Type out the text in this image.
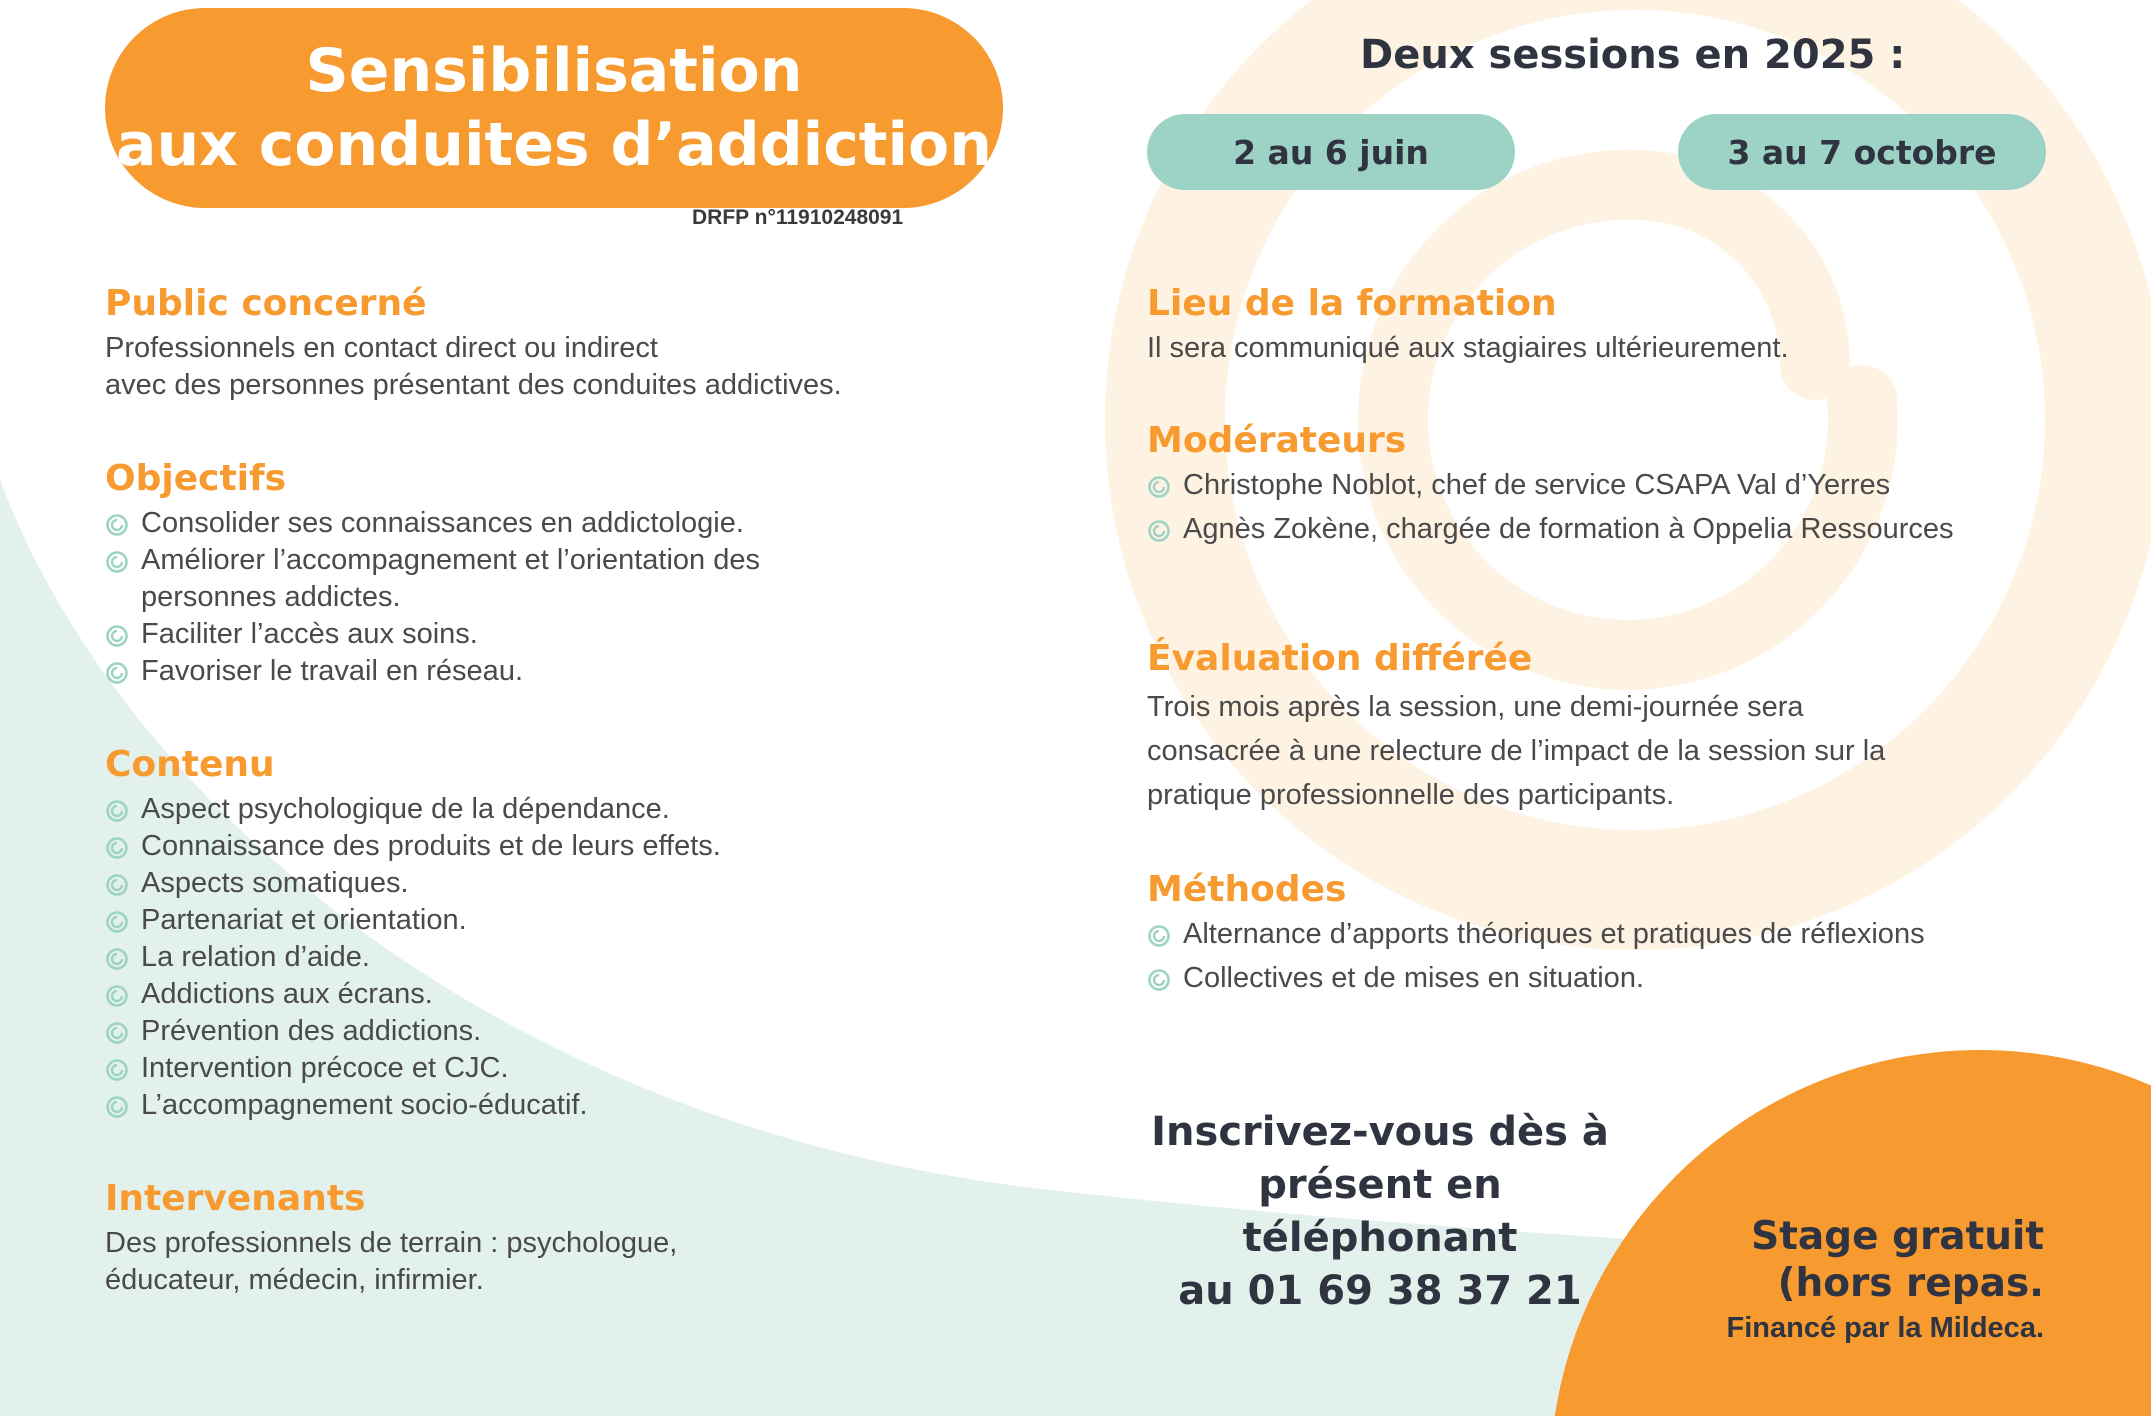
Sensibilisation
aux conduites d’addiction
DRFP n°11910248091
Deux sessions en 2025 :
2 au 6 juin	3 au 7 octobre
Public concerné
Professionnels en contact direct ou indirect
avec des personnes présentant des conduites addictives.
Objectifs
Consolider ses connaissances en addictologie.
Améliorer l’accompagnement et l’orientation des personnes addictes.
Faciliter l’accès aux soins.
Favoriser le travail en réseau.
Contenu
Aspect psychologique de la dépendance.
Connaissance des produits et de leurs effets.
Aspects somatiques.
Partenariat et orientation.
La relation d’aide.
Addictions aux écrans.
Prévention des addictions.
Intervention précoce et CJC.
L’accompagnement socio-éducatif.
Intervenants
Des professionnels de terrain : psychologue,
éducateur, médecin, infirmier.
Lieu de la formation
Il sera communiqué aux stagiaires ultérieurement.
Modérateurs
Christophe Noblot, chef de service CSAPA Val d’Yerres
Agnès Zokène, chargée de formation à Oppelia Ressources
Évaluation différée
Trois mois après la session, une demi-journée sera
consacrée à une relecture de l’impact de la session sur la
pratique professionnelle des participants.
Méthodes
Alternance d’apports théoriques et pratiques de réflexions
Collectives et de mises en situation.
Inscrivez-vous dès à
présent en téléphonant
au 01 69 38 37 21
Stage gratuit
(hors repas.
Financé par la Mildeca.
